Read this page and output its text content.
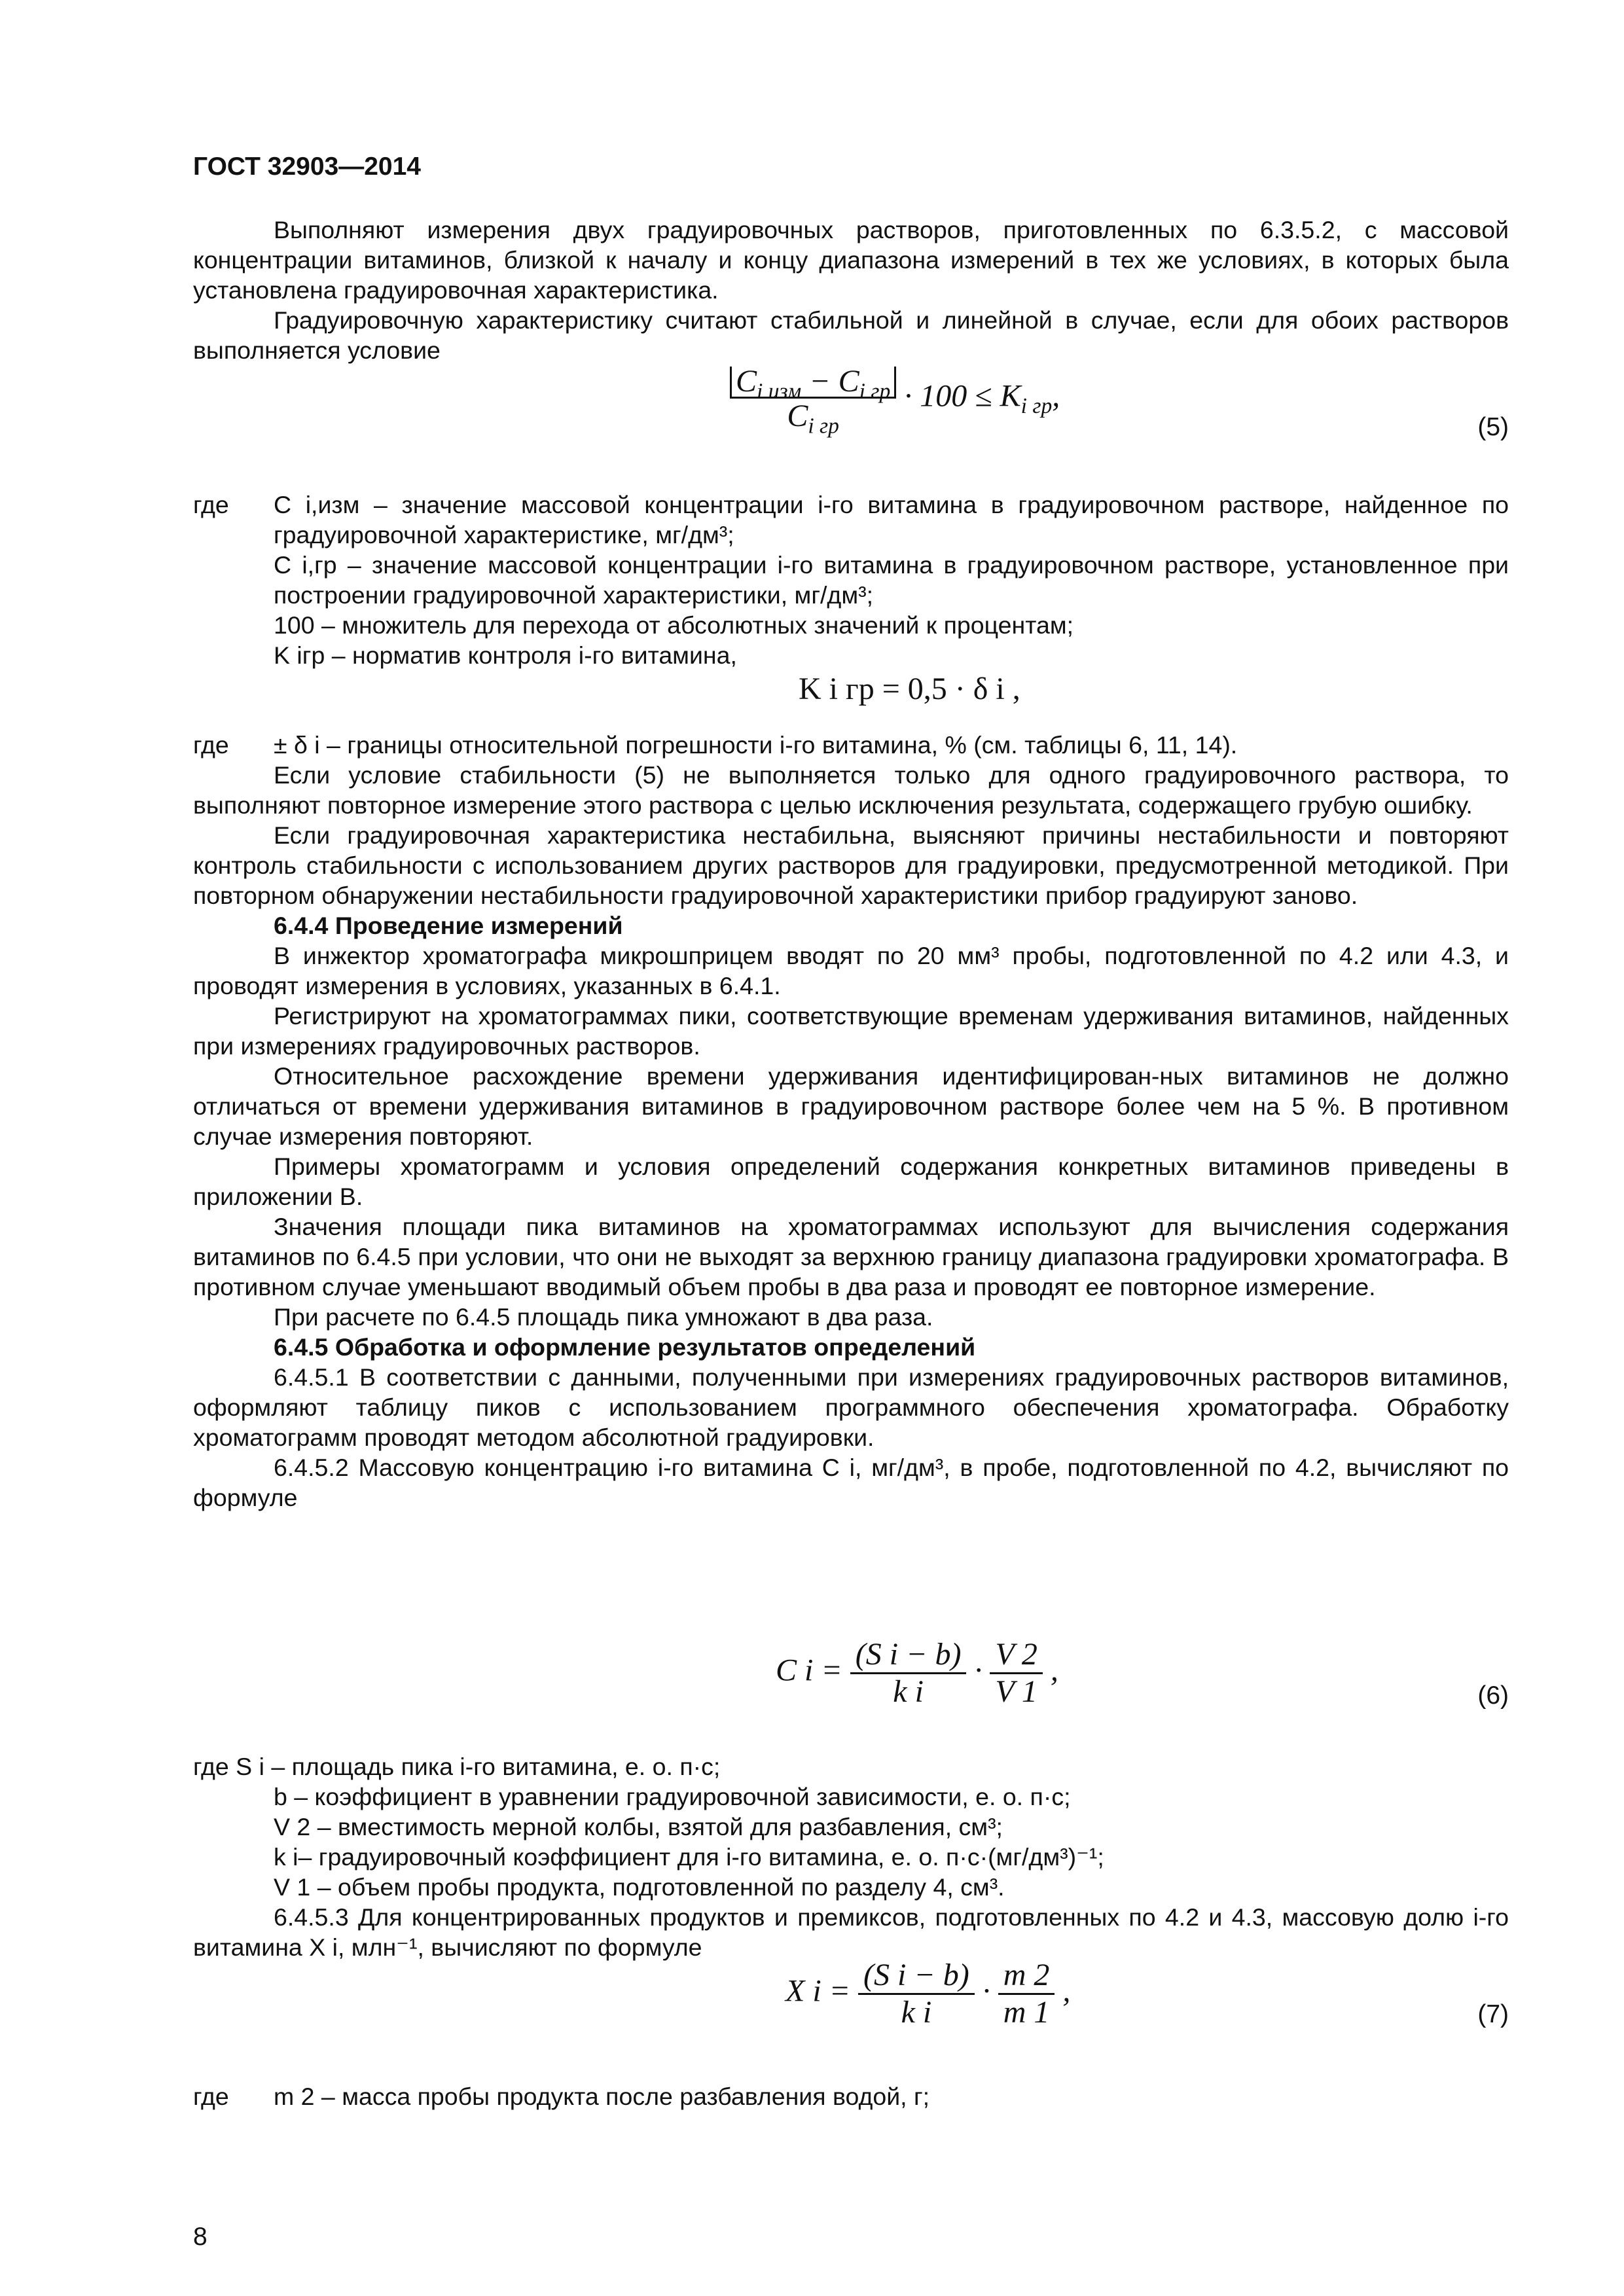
ГОСТ 32903—2014

Выполняют измерения двух градуировочных растворов, приготовленных по 6.3.5.2, с массовой концентрации витаминов, близкой к началу и концу диапазона измерений в тех же условиях, в которых была установлена градуировочная характеристика.

Градуировочную характеристику считают стабильной и линейной в случае, если для обоих растворов выполняется условие

$\frac{C_{i изм} - C_{i гр}}{C_{i гр}} \cdot 100 \le K_{i гр}$,
(5)
где	C i,изм – значение массовой концентрации i-го витамина в градуировочном растворе, найденное по градуировочной характеристике, мг/дм³;
C i,гр – значение массовой концентрации i-го витамина в градуировочном растворе, установленное при построении градуировочной характеристики, мг/дм³;
100 – множитель для перехода от абсолютных значений к процентам;
K iгр – норматив контроля i-го витамина,
K i гр = 0,5 · δ i ,
где	± δ i – границы относительной погрешности i-го витамина, % (см. таблицы 6, 11, 14).

Если условие стабильности (5) не выполняется только для одного градуировочного раствора, то выполняют повторное измерение этого раствора с целью исключения результата, содержащего грубую ошибку.

Если градуировочная характеристика нестабильна, выясняют причины нестабильности и повторяют контроль стабильности с использованием других растворов для градуировки, предусмотренной методикой. При повторном обнаружении нестабильности градуировочной характеристики прибор градуируют заново.

6.4.4 Проведение измерений

В инжектор хроматографа микрошприцем вводят по 20 мм³ пробы, подготовленной по 4.2 или 4.3, и проводят измерения в условиях, указанных в 6.4.1.

Регистрируют на хроматограммах пики, соответствующие временам удерживания витаминов, найденных при измерениях градуировочных растворов.

Относительное расхождение времени удерживания идентифицирован-ных витаминов не должно отличаться от времени удерживания витаминов в градуировочном растворе более чем на 5 %. В противном случае измерения повторяют.

Примеры хроматограмм и условия определений содержания конкретных витаминов приведены в приложении В.

Значения площади пика витаминов на хроматограммах используют для вычисления содержания витаминов по 6.4.5 при условии, что они не выходят за верхнюю границу диапазона градуировки хроматографа. В противном случае уменьшают вводимый объем пробы в два раза и проводят ее повторное измерение.

При расчете по 6.4.5 площадь пика умножают в два раза.

6.4.5 Обработка и оформление результатов определений

6.4.5.1 В соответствии с данными, полученными при измерениях градуировочных растворов витаминов, оформляют таблицу пиков с использованием программного обеспечения хроматографа. Обработку хроматограмм проводят методом абсолютной градуировки.

6.4.5.2 Массовую концентрацию i-го витамина C i, мг/дм³, в пробе, подготовленной по 4.2, вычисляют по формуле

C $i = \frac{\text{(S i − b)}}{\text{k i}} \cdot \frac{V 2}{V 1}$ ,
(6)
где S i – площадь пика i-го витамина, е. о. п·с;
b – коэффициент в уравнении градуировочной зависимости, е. о. п·с;
V 2 – вместимость мерной колбы, взятой для разбавления, см³;
k i– градуировочный коэффициент для i-го витамина, е. о. п·с·(мг/дм³)⁻¹;
V 1 – объем пробы продукта, подготовленной по разделу 4, см³.

6.4.5.3 Для концентрированных продуктов и премиксов, подготовленных по 4.2 и 4.3, массовую долю i-го витамина X i, млн⁻¹, вычисляют по формуле

X $i = \frac{\text{(S i − b)}}{\text{k i}} \cdot \frac{m 2}{m 1}$ ,
(7)
где	m 2 – масса пробы продукта после разбавления водой, г;
8
